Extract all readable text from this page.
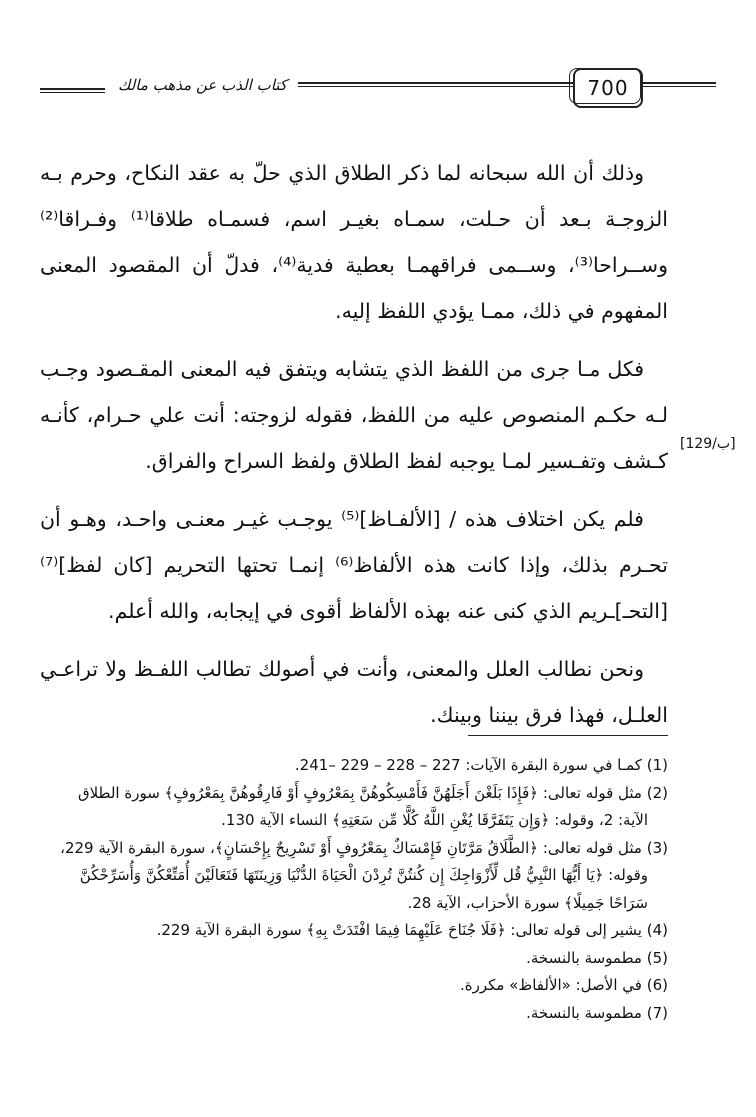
كتاب الذب عن مذهب مالك	700

وذلك أن الله سبحانه لما ذكر الطلاق الذي حلّ به عقد النكاح، وحرم بـه الزوجـة بـعد أن حـلت، سمـاه بغيـر اسم، فسمـاه طلاقا⁽¹⁾ وفـراقا⁽²⁾ وســراحا⁽³⁾، وســمى فراقهمـا بعطية فدية⁽⁴⁾، فدلّ أن المقصود المعنى المفهوم في ذلك، ممـا يؤدي اللفظ إليه.

فكل مـا جرى من اللفظ الذي يتشابه ويتفق فيه المعنى المقـصود وجـب لـه حكـم المنصوص عليه من اللفظ، فقوله لزوجته: أنت علي حـرام، كأنـه كـشف وتفـسير لمـا يوجبه لفظ الطلاق ولفظ السراح والفراق.

فلم يكن اختلاف هذه / [الألفـاظ]⁽⁵⁾ يوجـب غيـر معنـى واحـد، وهـو أن تحـرم بذلك، وإذا كانت هذه الألفاظ⁽⁶⁾ إنمـا تحتها التحريم [كان لفظ]⁽⁷⁾ [التحـ]ـريم الذي كنى عنه بهذه الألفاظ أقوى في إيجابه، والله أعلم.

ونحن نطالب العلل والمعنى، وأنت في أصولك تطالب اللفـظ ولا تراعـي العلـل، فهذا فرق بيننا وبينك.

[129/ب]

(1) كمـا في سورة البقرة الآيات: 227 – 228 – 229 –241.

(2) مثل قوله تعالى: ﴿فَإِذَا بَلَغْنَ أَجَلَهُنَّ فَأَمْسِكُوهُنَّ بِمَعْرُوفٍ أَوْ فَارِقُوهُنَّ بِمَعْرُوفٍ﴾ سورة الطلاق

الآية: 2، وقوله: ﴿وَإِن يَتَفَرَّقَا يُغْنِ اللَّهُ كُلًّا مِّن سَعَتِهِ﴾ النساء الآية 130.

(3) مثل قوله تعالى: ﴿الطَّلَاقُ مَرَّتَانِ فَإِمْسَاكٌ بِمَعْرُوفٍ أَوْ تَسْرِيحٌ بِإِحْسَانٍ﴾، سورة البقرة الآية 229،

وقوله: ﴿يَا أَيُّهَا النَّبِيُّ قُل لِّأَزْوَاجِكَ إِن كُنتُنَّ تُرِدْنَ الْحَيَاةَ الدُّنْيَا وَزِينَتَهَا فَتَعَالَيْنَ أُمَتِّعْكُنَّ وَأُسَرِّحْكُنَّ سَرَاحًا جَمِيلًا﴾ سورة الأحزاب، الآية 28.

(4) يشير إلى قوله تعالى: ﴿فَلَا جُنَاحَ عَلَيْهِمَا فِيمَا افْتَدَتْ بِهِ﴾ سورة البقرة الآية 229.

(5) مطموسة بالنسخة.

(6) في الأصل: «الألفاظ» مكررة.

(7) مطموسة بالنسخة.
